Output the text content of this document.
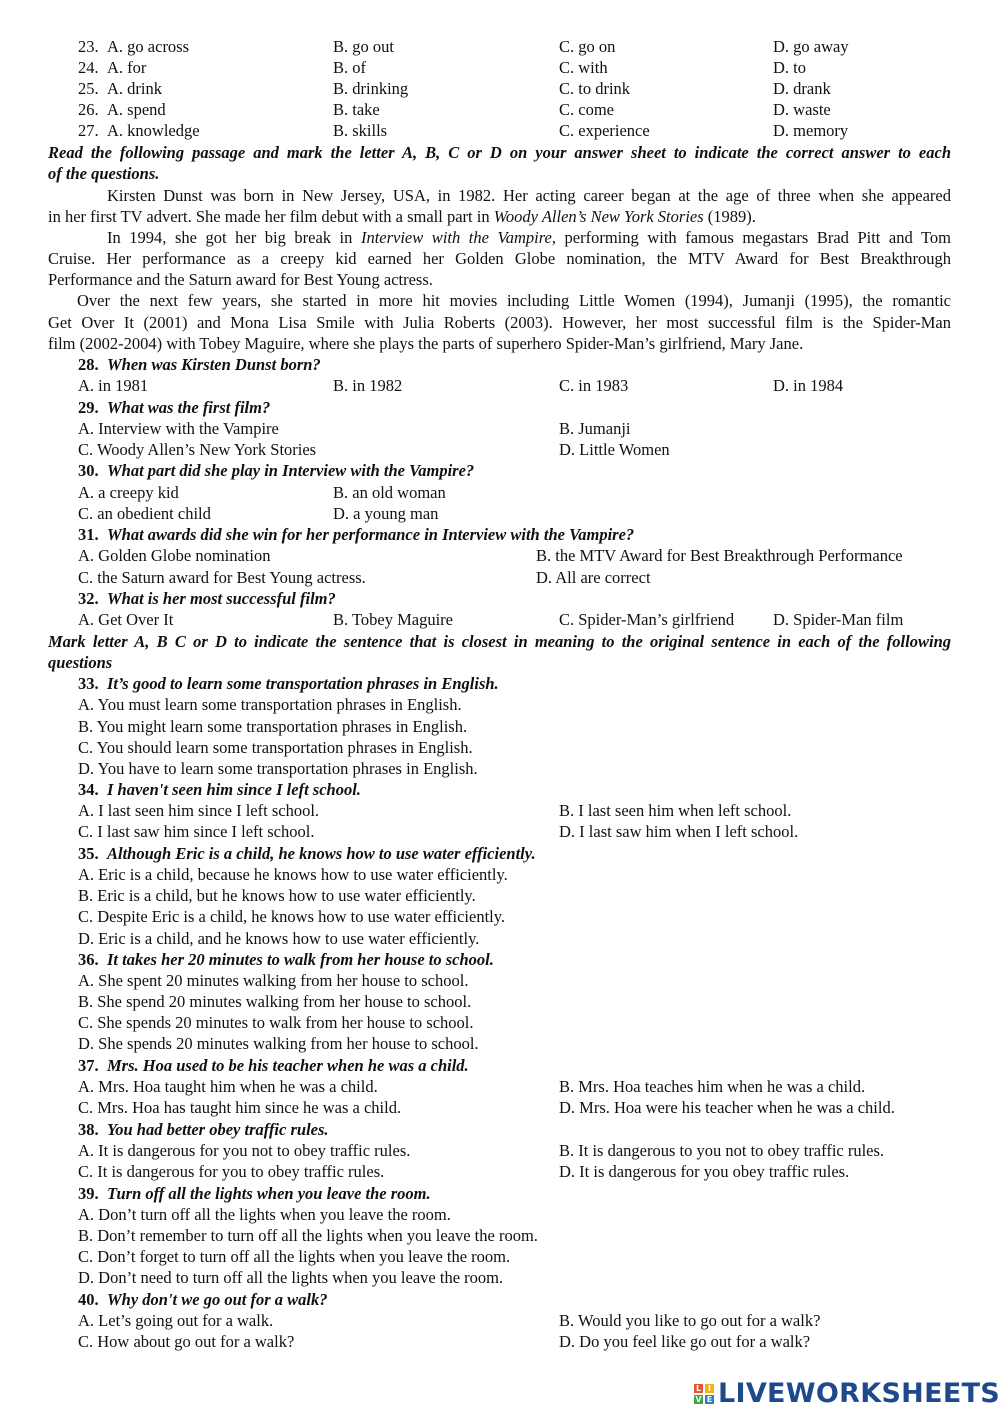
23. A. go across	B. go out	C. go on	D. go away
24. A. for	B. of	C. with	D. to
25. A. drink	B. drinking	C. to drink	D. drank
26. A. spend	B. take	C. come	D. waste
27. A. knowledge	B. skills	C. experience	D. memory
Read the following passage and mark the letter A, B, C or D on your answer sheet to indicate the correct answer to each
of the questions.
Kirsten Dunst was born in New Jersey, USA, in 1982. Her acting career began at the age of three when she appeared
in her first TV advert. She made her film debut with a small part in Woody Allen’s New York Stories (1989).
In 1994, she got her big break in Interview with the Vampire, performing with famous megastars Brad Pitt and Tom
Cruise. Her performance as a creepy kid earned her Golden Globe nomination, the MTV Award for Best Breakthrough
Performance and the Saturn award for Best Young actress.
Over the next few years, she started in more hit movies including Little Women (1994), Jumanji (1995), the romantic
Get Over It (2001) and Mona Lisa Smile with Julia Roberts (2003). However, her most successful film is the Spider-Man
film (2002-2004) with Tobey Maguire, where she plays the parts of superhero Spider-Man’s girlfriend, Mary Jane.
28. When was Kirsten Dunst born?
A. in 1981	B. in 1982	C. in 1983	D. in 1984
29. What was the first film?
A. Interview with the Vampire	B. Jumanji
C. Woody Allen’s New York Stories	D. Little Women
30. What part did she play in Interview with the Vampire?
A. a creepy kid	B. an old woman
C. an obedient child	D. a young man
31. What awards did she win for her performance in Interview with the Vampire?
A. Golden Globe nomination	B. the MTV Award for Best Breakthrough Performance
C. the Saturn award for Best Young actress.	D. All are correct
32. What is her most successful film?
A. Get Over It	B. Tobey Maguire	C. Spider-Man’s girlfriend D. Spider-Man film
Mark letter A, B C or D to indicate the sentence that is closest in meaning to the original sentence in each of the following
questions
33. It’s good to learn some transportation phrases in English.
A. You must learn some transportation phrases in English.
B. You might learn some transportation phrases in English.
C. You should learn some transportation phrases in English.
D. You have to learn some transportation phrases in English.
34. I haven't seen him since I left school.
A. I last seen him since I left school.	B. I last seen him when left school.
C. I last saw him since I left school.	D. I last saw him when I left school.
35. Although Eric is a child, he knows how to use water efficiently.
A. Eric is a child, because he knows how to use water efficiently.
B. Eric is a child, but he knows how to use water efficiently.
C. Despite Eric is a child, he knows how to use water efficiently.
D. Eric is a child, and he knows how to use water efficiently.
36. It takes her 20 minutes to walk from her house to school.
A. She spent 20 minutes walking from her house to school.
B. She spend 20 minutes walking from her house to school.
C. She spends 20 minutes to walk from her house to school.
D. She spends 20 minutes walking from her house to school.
37. Mrs. Hoa used to be his teacher when he was a child.
A. Mrs. Hoa taught him when he was a child.	B. Mrs. Hoa teaches him when he was a child.
C. Mrs. Hoa has taught him since he was a child.	D. Mrs. Hoa were his teacher when he was a child.
38. You had better obey traffic rules.
A. It is dangerous for you not to obey traffic rules.	B. It is dangerous to you not to obey traffic rules.
C. It is dangerous for you to obey traffic rules.	D. It is dangerous for you obey traffic rules.
39. Turn off all the lights when you leave the room.
A. Don’t turn off all the lights when you leave the room.
B. Don’t remember to turn off all the lights when you leave the room.
C. Don’t forget to turn off all the lights when you leave the room.
D. Don’t need to turn off all the lights when you leave the room.
40. Why don't we go out for a walk?
A. Let’s going out for a walk.	B. Would you like to go out for a walk?
C. How about go out for a walk?	D. Do you feel like go out for a walk?
L I
V E LIVEWORKSHEETS
